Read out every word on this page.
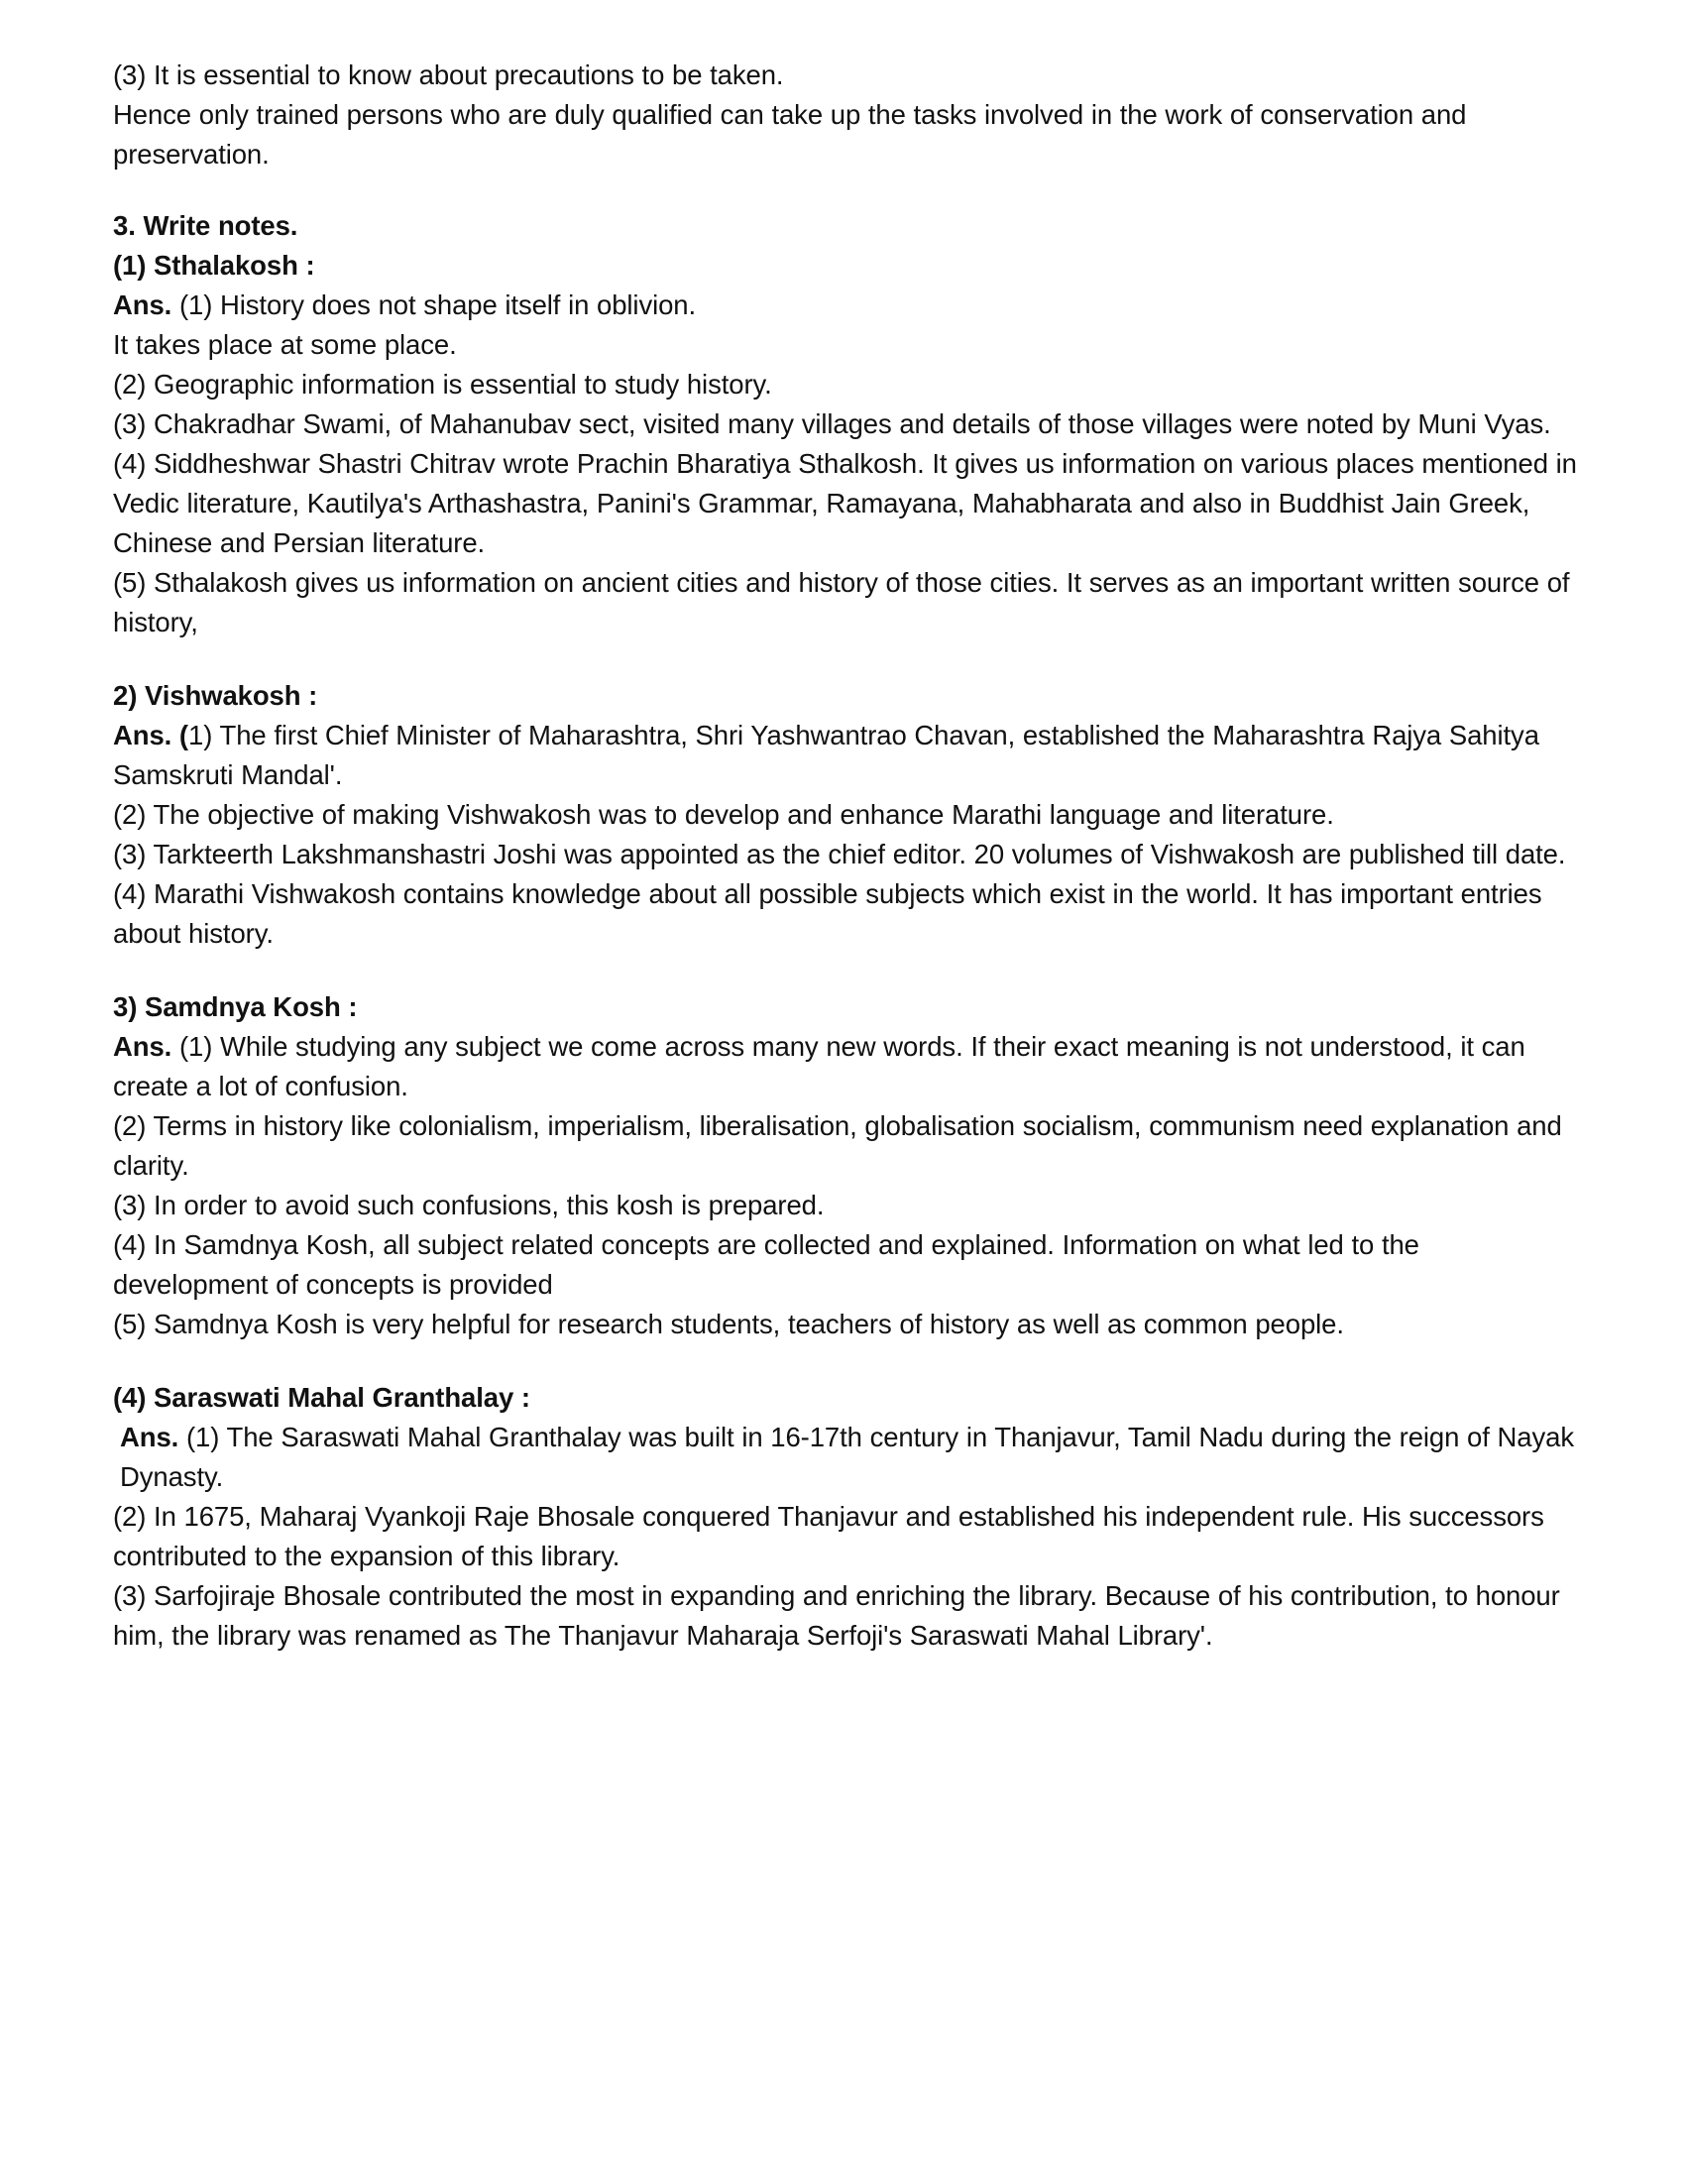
(3) It is essential to know about precautions to be taken.

Hence only trained persons who are duly qualified can take up the tasks involved in the work of conservation and preservation.

3. Write notes.

(1) Sthalakosh :

Ans. (1) History does not shape itself in oblivion.

It takes place at some place.

(2) Geographic information is essential to study history.

(3) Chakradhar Swami, of Mahanubav sect, visited many villages and details of those villages were noted by Muni Vyas.

(4) Siddheshwar Shastri Chitrav wrote Prachin Bharatiya Sthalkosh. It gives us information on various places mentioned in Vedic literature, Kautilya's Arthashastra, Panini's Grammar, Ramayana, Mahabharata and also in Buddhist Jain Greek, Chinese and Persian literature.

(5) Sthalakosh gives us information on ancient cities and history of those cities. It serves as an important written source of history,

2) Vishwakosh :

Ans. (1) The first Chief Minister of Maharashtra, Shri Yashwantrao Chavan, established the Maharashtra Rajya Sahitya Samskruti Mandal'.

(2) The objective of making Vishwakosh was to develop and enhance Marathi language and literature.

(3) Tarkteerth Lakshmanshastri Joshi was appointed as the chief editor. 20 volumes of Vishwakosh are published till date.

(4) Marathi Vishwakosh contains knowledge about all possible subjects which exist in the world. It has important entries about history.

3) Samdnya Kosh :

Ans. (1) While studying any subject we come across many new words. If their exact meaning is not understood, it can create a lot of confusion.

(2) Terms in history like colonialism, imperialism, liberalisation, globalisation socialism, communism need explanation and clarity.

(3) In order to avoid such confusions, this kosh is prepared.

(4) In Samdnya Kosh, all subject related concepts are collected and explained. Information on what led to the development of concepts is provided

(5) Samdnya Kosh is very helpful for research students, teachers of history as well as common people.

(4) Saraswati Mahal Granthalay :

Ans. (1) The Saraswati Mahal Granthalay was built in 16-17th century in Thanjavur, Tamil Nadu during the reign of Nayak Dynasty.

(2) In 1675, Maharaj Vyankoji Raje Bhosale conquered Thanjavur and established his independent rule. His successors contributed to the expansion of this library.

(3) Sarfojiraje Bhosale contributed the most in expanding and enriching the library. Because of his contribution, to honour him, the library was renamed as The Thanjavur Maharaja Serfoji's Saraswati Mahal Library'.
